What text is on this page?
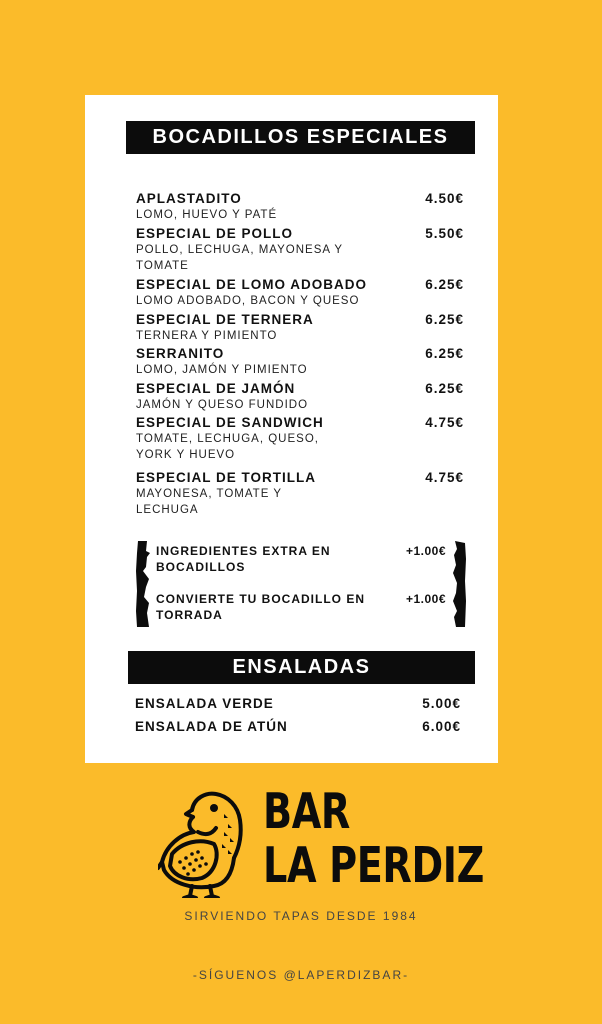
BOCADILLOS ESPECIALES
APLASTADITO
LOMO, HUEVO Y PATÉ
4.50€
ESPECIAL DE POLLO
POLLO, LECHUGA, MAYONESA Y TOMATE
5.50€
ESPECIAL DE LOMO ADOBADO
LOMO ADOBADO, BACON Y QUESO
6.25€
ESPECIAL DE TERNERA
TERNERA Y PIMIENTO
6.25€
SERRANITO
LOMO, JAMÓN Y PIMIENTO
6.25€
ESPECIAL DE JAMÓN
JAMÓN Y QUESO FUNDIDO
6.25€
ESPECIAL DE SANDWICH
TOMATE, LECHUGA, QUESO, YORK Y HUEVO
4.75€
ESPECIAL DE TORTILLA
MAYONESA, TOMATE Y LECHUGA
4.75€
INGREDIENTES EXTRA EN BOCADILLOS
+1.00€
CONVIERTE TU BOCADILLO EN TORRADA
+1.00€
ENSALADAS
ENSALADA VERDE	5.00€
ENSALADA DE ATÚN	6.00€
BAR
LA PERDIZ
SIRVIENDO TAPAS DESDE 1984
-SÍGUENOS @LAPERDIZBAR-
